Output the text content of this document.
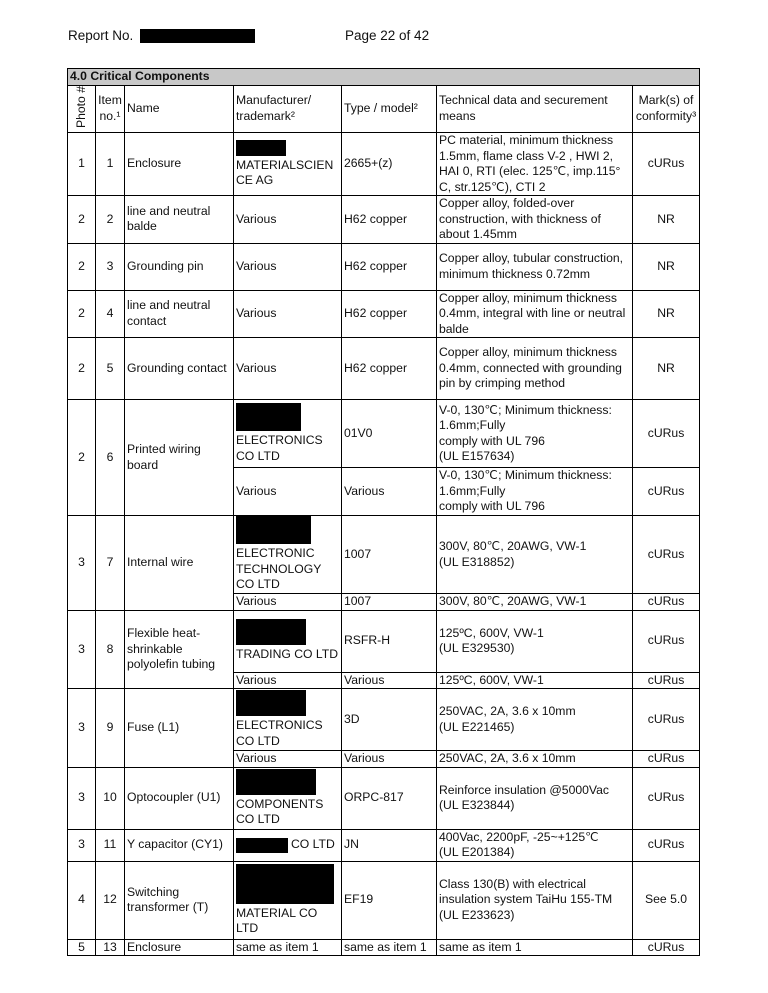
Report No.	Page 22 of 42
4.0 Critical Components						
Photo #	Item no.¹	Name	Manufacturer/ trademark²	Type / model²	Technical data and securement means	Mark(s) of conformity³
1	1	Enclosure	MATERIALSCIEN CE AG	2665+(z)	PC material, minimum thickness 1.5mm, flame class V-2 , HWI 2, HAI 0, RTI (elec. 125℃, imp.115° C, str.125℃), CTI 2	cURus
2	2	line and neutral balde	Various	H62 copper	Copper alloy, folded-over construction, with thickness of about 1.45mm	NR
2	3	Grounding pin	Various	H62 copper	Copper alloy, tubular construction, minimum thickness 0.72mm	NR
2	4	line and neutral contact	Various	H62 copper	Copper alloy, minimum thickness 0.4mm, integral with line or neutral balde	NR
2	5	Grounding contact	Various	H62 copper	Copper alloy, minimum thickness 0.4mm, connected with grounding pin by crimping method	NR
2	6	Printed wiring board	ELECTRONICS CO LTD	01V0	V-0, 130℃; Minimum thickness: 1.6mm;Fully
comply with UL 796
(UL E157634)	cURus
			Various	Various	V-0, 130℃; Minimum thickness: 1.6mm;Fully
comply with UL 796	cURus
3	7	Internal wire	ELECTRONIC TECHNOLOGY CO LTD	1007	300V, 80℃, 20AWG, VW-1
(UL E318852)	cURus
			Various	1007	300V, 80℃, 20AWG, VW-1	cURus
3	8	Flexible heat-shrinkable polyolefin tubing	TRADING CO LTD	RSFR-H	125ºC, 600V, VW-1
(UL E329530)	cURus
			Various	Various	125ºC, 600V, VW-1	cURus
3	9	Fuse (L1)	ELECTRONICS CO LTD	3D	250VAC, 2A, 3.6 x 10mm
(UL E221465)	cURus
			Various	Various	250VAC, 2A, 3.6 x 10mm	cURus
3	10	Optocoupler (U1)	COMPONENTS CO LTD	ORPC-817	Reinforce insulation @5000Vac
(UL E323844)	cURus
3	11	Y capacitor (CY1)	CO LTD	JN	400Vac, 2200pF, -25~+125℃
(UL E201384)	cURus
4	12	Switching transformer (T)	MATERIAL CO LTD	EF19	Class 130(B) with electrical insulation system TaiHu 155-TM
(UL E233623)	See 5.0
5	13	Enclosure	same as item 1	same as item 1	same as item 1	cURus
